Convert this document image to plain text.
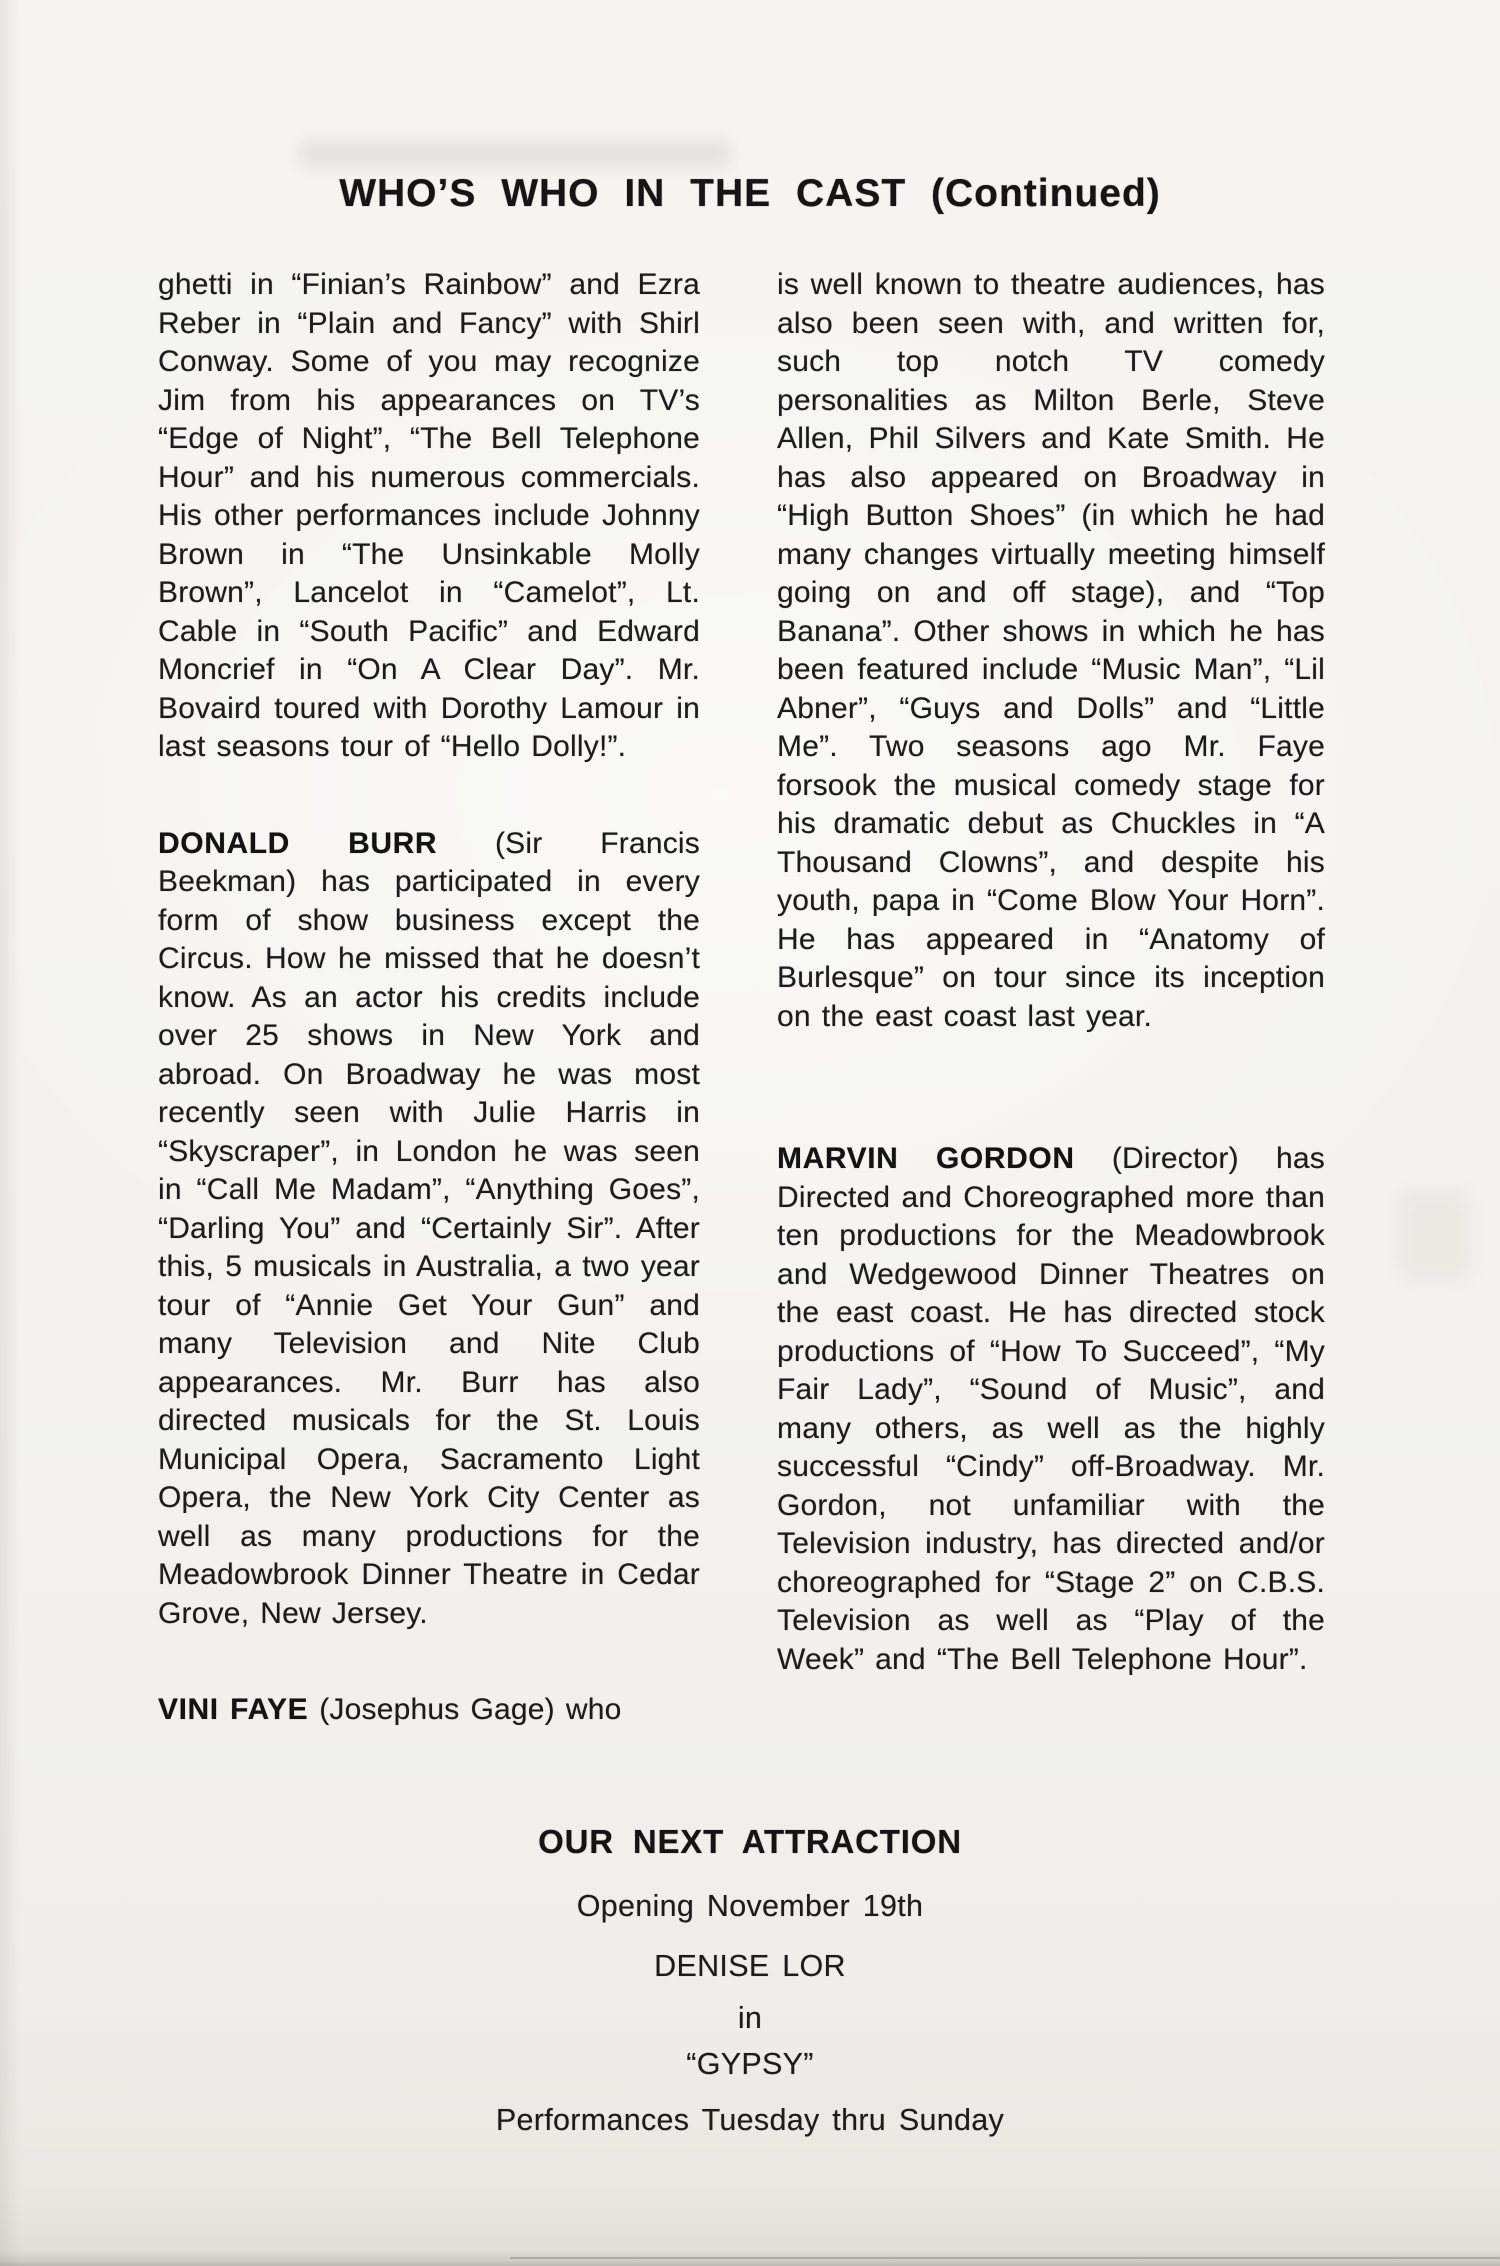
WHO’S WHO IN THE CAST (Continued)

ghetti in “Finian’s Rainbow” and Ezra Reber in “Plain and Fancy” with Shirl Conway. Some of you may recognize Jim from his appearances on TV’s “Edge of Night”, “The Bell Telephone Hour” and his numerous commercials. His other performances include Johnny Brown in “The Unsinkable Molly Brown”, Lancelot in “Camelot”, Lt. Cable in “South Pacific” and Edward Moncrief in “On A Clear Day”. Mr. Bovaird toured with Dorothy Lamour in last seasons tour of “Hello Dolly!”.

DONALD BURR (Sir Francis Beekman) has participated in every form of show business except the Circus. How he missed that he doesn’t know. As an actor his credits include over 25 shows in New York and abroad. On Broadway he was most recently seen with Julie Harris in “Skyscraper”, in London he was seen in “Call Me Madam”, “Anything Goes”, “Darling You” and “Certainly Sir”. After this, 5 musicals in Australia, a two year tour of “Annie Get Your Gun” and many Television and Nite Club appearances. Mr. Burr has also directed musicals for the St. Louis Municipal Opera, Sacramento Light Opera, the New York City Center as well as many productions for the Meadowbrook Dinner Theatre in Cedar Grove, New Jersey.

VINI FAYE (Josephus Gage) who

is well known to theatre audiences, has also been seen with, and written for, such top notch TV comedy personalities as Milton Berle, Steve Allen, Phil Silvers and Kate Smith. He has also appeared on Broadway in “High Button Shoes” (in which he had many changes virtually meeting himself going on and off stage), and “Top Banana”. Other shows in which he has been featured include “Music Man”, “Lil Abner”, “Guys and Dolls” and “Little Me”. Two seasons ago Mr. Faye forsook the musical comedy stage for his dramatic debut as Chuckles in “A Thousand Clowns”, and despite his youth, papa in “Come Blow Your Horn”. He has appeared in “Anatomy of Burlesque” on tour since its inception on the east coast last year.

MARVIN GORDON (Director) has Directed and Choreographed more than ten productions for the Meadowbrook and Wedgewood Dinner Theatres on the east coast. He has directed stock productions of “How To Succeed”, “My Fair Lady”, “Sound of Music”, and many others, as well as the highly successful “Cindy” off-Broadway. Mr. Gordon, not unfamiliar with the Television industry, has directed and/or choreographed for “Stage 2” on C.B.S. Television as well as “Play of the Week” and “The Bell Telephone Hour”.

OUR NEXT ATTRACTION
Opening November 19th
DENISE LOR
in
“GYPSY”
Performances Tuesday thru Sunday
